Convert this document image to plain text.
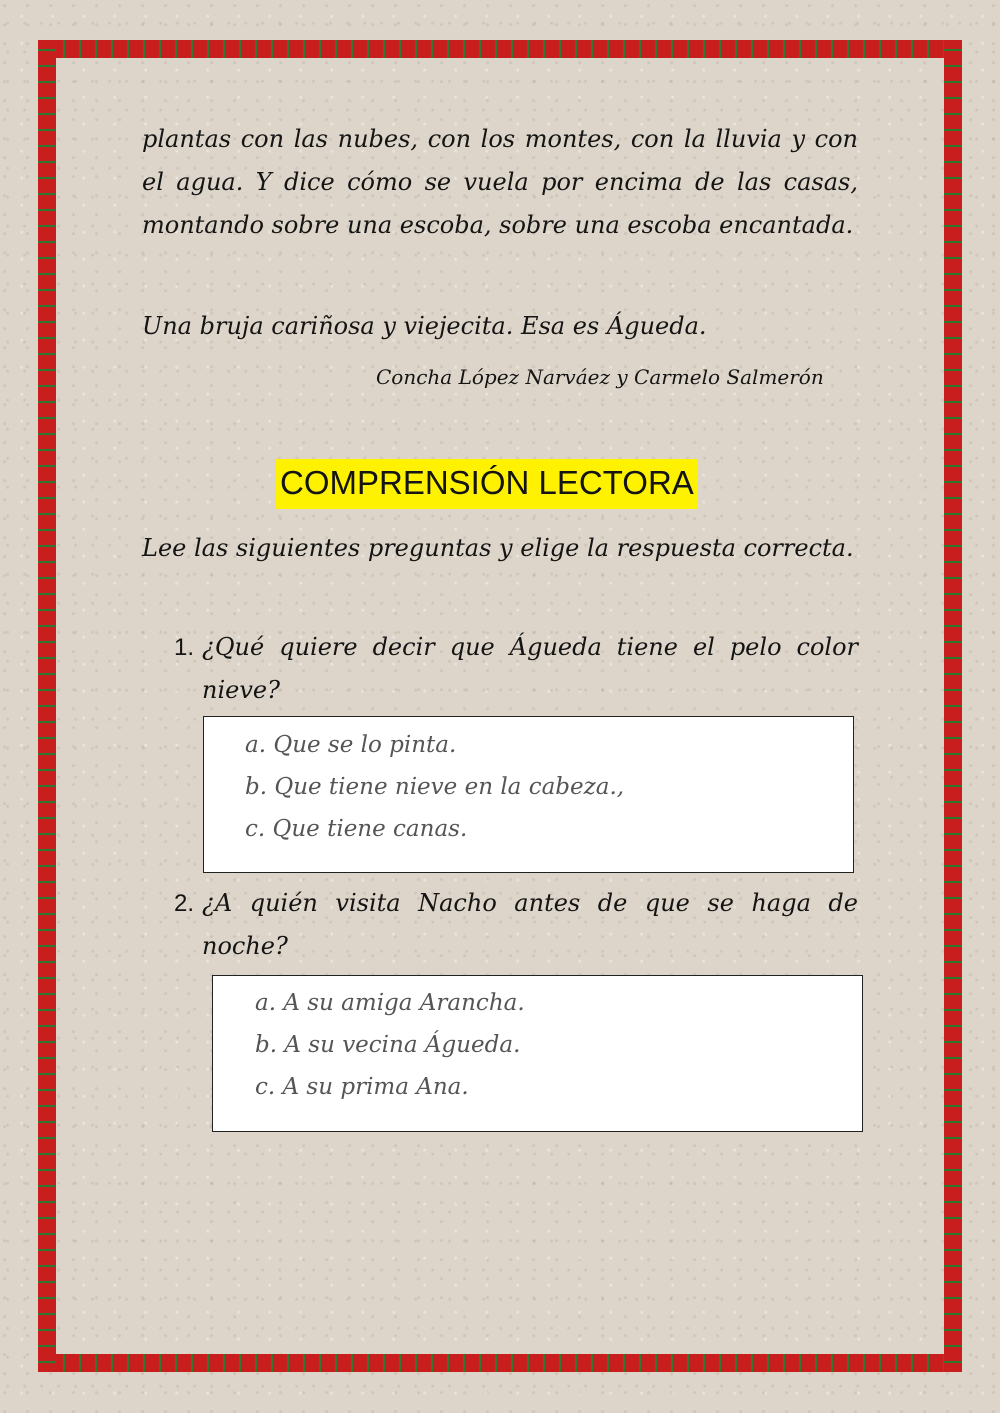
plantas con las nubes, con los montes, con la lluvia y con el agua. Y dice cómo se vuela por encima de las casas, montando sobre una escoba, sobre una escoba encantada.
Una bruja cariñosa y viejecita. Esa es Águeda.
Concha López Narváez y Carmelo Salmerón
COMPRENSIÓN LECTORA
Lee las siguientes preguntas y elige la respuesta correcta.
1. ¿Qué quiere decir que Águeda tiene el pelo color nieve?
a. Que se lo pinta.
b. Que tiene nieve en la cabeza.,
c. Que tiene canas.
2. ¿A quién visita Nacho antes de que se haga de noche?
a. A su amiga Arancha.
b. A su vecina Águeda.
c. A su prima Ana.
